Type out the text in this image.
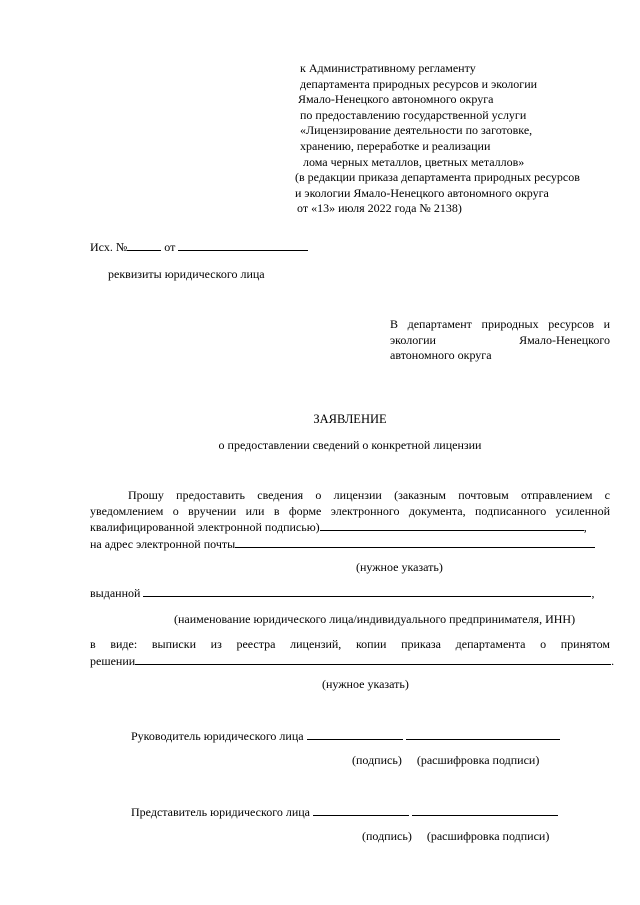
к Административному регламенту
департамента природных ресурсов и экологии
Ямало-Ненецкого автономного округа
по предоставлению государственной услуги
«Лицензирование деятельности по заготовке,
хранению, переработке и реализации
лома черных металлов, цветных металлов»
(в редакции приказа департамента природных ресурсов
и экологии Ямало-Ненецкого автономного округа
от «13» июля 2022 года № 2138)
Исх. №	от
реквизиты юридического лица
В департамент природных ресурсов и
экологии	Ямало-Ненецкого
автономного округа
ЗАЯВЛЕНИЕ
о предоставлении сведений о конкретной лицензии
Прошу предоставить сведения о лицензии (заказным почтовым отправлением с
уведомлением о вручении или в форме электронного документа, подписанного усиленной
квалифицированной электронной подписью)	,
на адрес электронной почты
(нужное указать)
выданной	,
(наименование юридического лица/индивидуального предпринимателя, ИНН)
в виде: выписки из реестра лицензий, копии приказа департамента о принятом
решении	.
(нужное указать)
Руководитель юридического лица
(подпись) (расшифровка подписи)
Представитель юридического лица
(подпись) (расшифровка подписи)
